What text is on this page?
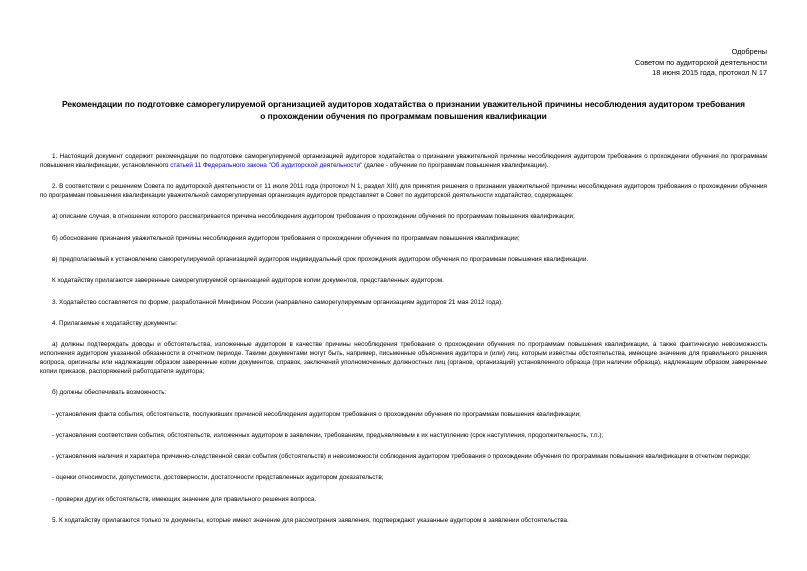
Одобрены
Советом по аудиторской деятельности
18 июня 2015 года, протокол N 17
Рекомендации по подготовке саморегулируемой организацией аудиторов ходатайства о признании уважительной причины несоблюдения аудитором требования
о прохождении обучения по программам повышения квалификации

1. Настоящий документ содержит рекомендации по подготовке саморегулируемой организацией аудиторов ходатайства о признании уважительной причины несоблюдения аудитором требования о прохождении обучения по программам повышения квалификации, установленного статьей 11 Федерального закона "Об аудиторской деятельности" (далее - обучение по программам повышения квалификации).

2. В соответствии с решением Совета по аудиторской деятельности от 11 июля 2011 года (протокол N 1, раздел XIII) для принятия решения о признании уважительной причины несоблюдения аудитором требования о прохождении обучения по программам повышения квалификации уважительной саморегулируемая организация аудиторов представляет в Совет по аудиторской деятельности ходатайство, содержащее:

а) описание случая, в отношении которого рассматривается причина несоблюдения аудитором требования о прохождении обучения по программам повышения квалификации;

б) обоснование признания уважительной причины несоблюдения аудитором требования о прохождении обучения по программам повышения квалификации;

в) предполагаемый к установлению саморегулируемой организацией аудиторов индивидуальный срок прохождения аудитором обучения по программам повышения квалификации.

К ходатайству прилагаются заверенные саморегулируемой организацией аудиторов копии документов, представленных аудитором.

3. Ходатайство составляется по форме, разработанной Минфином России (направлено саморегулируемым организациям аудиторов 21 мая 2012 года).

4. Прилагаемые к ходатайству документы:

а) должны подтверждать доводы и обстоятельства, изложенные аудитором в качестве причины несоблюдения требования о прохождении обучения по программам повышения квалификации, а также фактическую невозможность исполнения аудитором указанной обязанности в отчетном периоде. Такими документами могут быть, например, письменные объяснения аудитора и (или) лиц, которым известны обстоятельства, имеющие значение для правильного решения вопроса, оригиналы или надлежащим образом заверенные копии документов, справок, заключений уполномоченных должностных лиц (органов, организаций) установленного образца (при наличии образца), надлежащим образом заверенные копии приказов, распоряжений работодателя аудитора;

б) должны обеспечивать возможность:

- установления факта события, обстоятельств, послуживших причиной несоблюдения аудитором требования о прохождении обучения по программам повышения квалификации;

- установления соответствия события, обстоятельств, изложенных аудитором в заявлении, требованиям, предъявляемым к их наступлению (срок наступления, продолжительность, т.п.);

- установления наличия и характера причинно-следственной связи события (обстоятельств) и невозможности соблюдения аудитором требования о прохождении обучения по программам повышения квалификации в отчетном периоде;

- оценки относимости, допустимости, достоверности, достаточности представленных аудитором доказательств;

- проверки других обстоятельств, имеющих значение для правильного решения вопроса.

5. К ходатайству прилагаются только те документы, которые имеют значение для рассмотрения заявления, подтверждают указанные аудитором в заявлении обстоятельства.
